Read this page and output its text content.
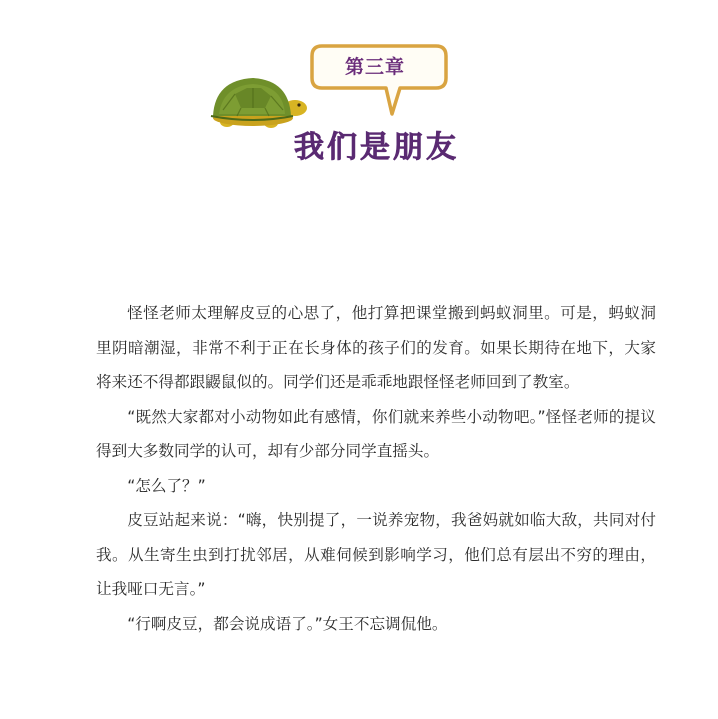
第三章
我们是朋友

怪怪老师太理解皮豆的心思了，他打算把课堂搬到蚂蚁洞里。可是，蚂蚁洞里阴暗潮湿，非常不利于正在长身体的孩子们的发育。如果长期待在地下，大家将来还不得都跟鼹鼠似的。同学们还是乖乖地跟怪怪老师回到了教室。

“既然大家都对小动物如此有感情，你们就来养些小动物吧。”怪怪老师的提议得到大多数同学的认可，却有少部分同学直摇头。

“怎么了？”

皮豆站起来说：“嗨，快别提了，一说养宠物，我爸妈就如临大敌，共同对付我。从生寄生虫到打扰邻居，从难伺候到影响学习，他们总有层出不穷的理由，让我哑口无言。”

“行啊皮豆，都会说成语了。”女王不忘调侃他。
